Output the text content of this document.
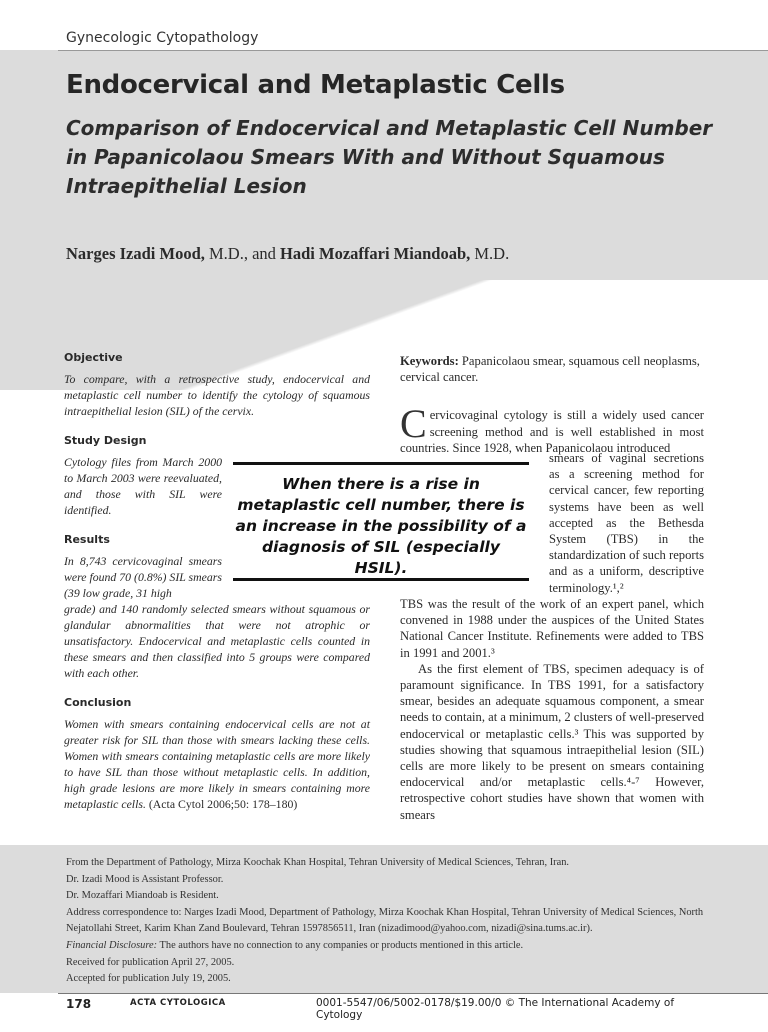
Gynecologic Cytopathology
Endocervical and Metaplastic Cells
Comparison of Endocervical and Metaplastic Cell Number in Papanicolaou Smears With and Without Squamous Intraepithelial Lesion
Narges Izadi Mood, M.D., and Hadi Mozaffari Miandoab, M.D.
Objective

To compare, with a retrospective study, endocervical and metaplastic cell number to identify the cytology of squamous intraepithelial lesion (SIL) of the cervix.

Study Design

Cytology files from March 2000 to March 2003 were reevaluated, and those with SIL were identified.

Results

In 8,743 cervicovaginal smears were found 70 (0.8%) SIL smears (39 low grade, 31 high

grade) and 140 randomly selected smears without squamous or glandular abnormalities that were not atrophic or unsatisfactory. Endocervical and metaplastic cells counted in these smears and then classified into 5 groups were compared with each other.

Conclusion

Women with smears containing endocervical cells are not at greater risk for SIL than those with smears lacking these cells. Women with smears containing metaplastic cells are more likely to have SIL than those without metaplastic cells. In addition, high grade lesions are more likely in smears containing more metaplastic cells. (Acta Cytol 2006;50: 178–180)

When there is a rise in metaplastic cell number, there is an increase in the possibility of a diagnosis of SIL (especially HSIL).

Keywords: Papanicolaou smear, squamous cell neoplasms, cervical cancer.

Cervicovaginal cytology is still a widely used cancer screening method and is well established in most countries. Since 1928, when Papanicolaou introduced

smears of vaginal secretions as a screening method for cervical cancer, few reporting systems have been as well accepted as the Bethesda System (TBS) in the standardization of such reports and as a uniform, descriptive terminology.¹,²

TBS was the result of the work of an expert panel, which convened in 1988 under the auspices of the United States National Cancer Institute. Refinements were added to TBS in 1991 and 2001.³

As the first element of TBS, specimen adequacy is of paramount significance. In TBS 1991, for a satisfactory smear, besides an adequate squamous component, a smear needs to contain, at a minimum, 2 clusters of well-preserved endocervical or metaplastic cells.³ This was supported by studies showing that squamous intraepithelial lesion (SIL) cells are more likely to be present on smears containing endocervical and/or metaplastic cells.⁴-⁷ However, retrospective cohort studies have shown that women with smears

From the Department of Pathology, Mirza Koochak Khan Hospital, Tehran University of Medical Sciences, Tehran, Iran.
Dr. Izadi Mood is Assistant Professor.
Dr. Mozaffari Miandoab is Resident.
Address correspondence to: Narges Izadi Mood, Department of Pathology, Mirza Koochak Khan Hospital, Tehran University of Medical Sciences, North Nejatollahi Street, Karim Khan Zand Boulevard, Tehran 1597856511, Iran (nizadimood@yahoo.com, nizadi@sina.tums.ac.ir).
Financial Disclosure: The authors have no connection to any companies or products mentioned in this article.
Received for publication April 27, 2005.
Accepted for publication July 19, 2005.
178	ACTA CYTOLOGICA	0001-5547/06/5002-0178/$19.00/0 © The International Academy of Cytology
